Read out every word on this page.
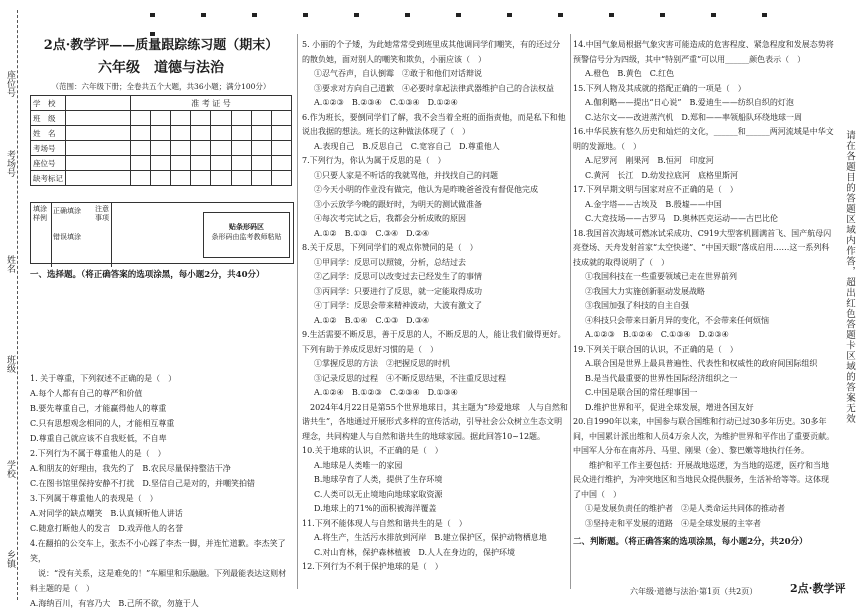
座位号
考场号
姓名
班级
学校
乡镇
2点·教学评——质量跟踪练习题（期末）
六年级　道德与法治
（范围：六年级下册；全卷共五个大题，共36小题；满分100分）
学　校		准 考 证 号							
班　级									
姓　名									
考场号									
座位号									
缺考标记									
填涂样例
正确填涂
错误填涂
注意事项
贴条形码区
条形码由监考教师粘贴
一、选择题。（将正确答案的选项涂黑，每小题2分，共40分）

1. 关于尊重，下列叙述不正确的是（　）

A.每个人都有自己的尊严和价值

B.要先尊重自己，才能赢得他人的尊重

C.只有思想观念相同的人，才能相互尊重

D.尊重自己就应该不自我贬低，不自卑

2.下列行为不属于尊重他人的是（　）

A.和朋友的好理由，我先约了　B.农民尽量保持整洁干净

C.在图书馆里保持安静不打扰　D.坚信自己是对的，并嘲笑拍错

3.下列属于尊重他人的表现是（　）

A.对同学的缺点嘲笑　B.认真倾听他人讲话

C.随意打断他人的发言　D.戏弄他人的名誉

4.在翻拍的公交车上，张杰不小心踩了李杰一脚，并连忙道歉。李杰笑了笑，

　说：“没有关系，这是难免的！”车厢里和乐融融。下列最能表达这则材料主题的是（　）

A.海纳百川，有容乃大　B.己所不欲，勿施于人

5. 小丽的个子矮，为此她常常受到班里成其他调同学们嘲笑，有的还过分的散负她，面对别人的嘲笑和欺负，小丽应该（　）

①忍气吞声，自认倒霉　②敢于和他们对话辩说

③要求对方向自己道歉　④必要时拿起法律武器维护自己的合法权益

A.①②③　B.②③④　C.①③④　D.①②④

6.作为班长，要倒同学们了解，我不会当着全班的面指责他，而是私下和他说出我据的想法。班长的这种做法体现了（　）

A.表现自己　B.反思自己　C.宽容自己　D.尊重他人

7.下列行为，你认为属于反思的是（　）

①只要人家是不听话的我就骂他，并找找自己的问题

②今天小明的作业没有做完，他认为是昨晚爸爸没有督促他完成

③小云放学今晚的跟好时，为明天的测试做准备

④每次考完试之后，我都会分析成败的原因

A.①②　B.①③　C.③④　D.②④

8.关于反思，下列同学们的观点你赞同的是（　）

①甲同学：反思可以照镜，分析，总结过去

②乙同学：反思可以改变过去已经发生了的事情

③丙同学：只要进行了反思，就一定能取得成功

④丁同学：反思会带来精神波动，大波有激文了

A.①②　B.①④　C.①③　D.③④

9.生活需要不断反思，善于反思的人，不断反思的人，能让我们做得更好。下列有助于养成反思好习惯的是（　）

①掌握反思的方法　②把握反思的时机

③记录反思的过程　④不断反思结果，不注重反思过程

A.①②④　B.①②③　C.②③④　D.①③④

　2024年4月22日是第55个世界地球日，其主题为“珍爱地球　人与自然和谐共生”，各地通过开展形式多样的宣传活动，引导社会公众树立生态文明理念，共同构建人与自然和谐共生的地球家园。据此回答10~12题。

10.关于地球的认识，不正确的是（　）

A.地球是人类唯一的家园

B.地球孕育了人类，提供了生存环境

C.人类可以无止境地向地球家取资源

D.地球上的71%的面积被海洋覆盖

11.下列不能体现人与自然和谐共生的是（　）

A.将生产，生活污水排放到河岸　B.建立保护区，保护动物栖息地

C.对山育林，保护森林植被　D.人人在身边的，保护环境

12.下列行为不利于保护地球的是（　）

14.中国气象局根据气象灾害可能造成的危害程度、紧急程度和发展态势将预警信号分为四级，其中“特别严重”可以用______颜色表示（　）

A.橙色　B.黄色　C.红色

15.下列人物及其成就的搭配正确的一项是（　）

A.伽利略——提出“日心说”　B.爱迪生——纺织自织的灯泡

C.达尔文——改进蒸汽机　D.郑和——率领船队环绕地球一周

16.中华民族有悠久历史和灿烂的文化，______和______两河流域是中华文明的发源地。（　）

A.尼罗河　刚果河　B.恒河　印度河

C.黄河　长江　D.幼发拉底河　底格里斯河

17.下列早期文明与国家对应不正确的是（　）

A.金字塔——古埃及　B.殷墟——中国

C.大竞技场——古罗马　D.奥林匹克运动——古巴比伦

18.我国首次海域可燃冰试采成功、C919大型客机圆满首飞、国产航母闪亮登场、天舟发射首家“太空快递”、“中国天眼”落成启用……这一系列科技成就的取得说明了（　）

①我国科技在一些重要领域已走在世界前列

②我国大力实施创新驱动发展战略

③我国加强了科技的自主自强

④科技只会带来日新月异的变化，不会带来任何烦恼

A.①②③　B.①②④　C.①③④　D.②③④

19.下列关于联合国的认识，不正确的是（　）

A.联合国是世界上最具普遍性、代表性和权威性的政府间国际组织

B.是当代最重要的世界性国际经济组织之一

C.中国是联合国的常任理事国一

D.维护世界和平，促进全球发展，增进各国友好

20.自1990年以来，中国参与联合国维和行动已过30多年历史。30多年间，中国累计派出维和人员4万余人次，为维护世界和平作出了重要贡献。中国军人分布在南苏丹、马里、刚果（金）、黎巴嫩等地执行任务。

　　维护和平工作主要包括：开展战地巡逻，为当地的巡逻，医疗和当地民众进行维护，为冲突地区和当地民众提供服务，生活补给等等。这体现了中国（　）

①是发展负责任的维护者　②是人类命运共同体的推动者

③坚持走和平发展的道路　④是全球发展的主宰者

二、判断题。（将正确答案的选项涂黑，每小题2分，共20分）
请在各题目的答题区域内作答，超出红色答题卡区域的答案无效
六年级·道德与法治·第1页（共2页）	2点·教学评
